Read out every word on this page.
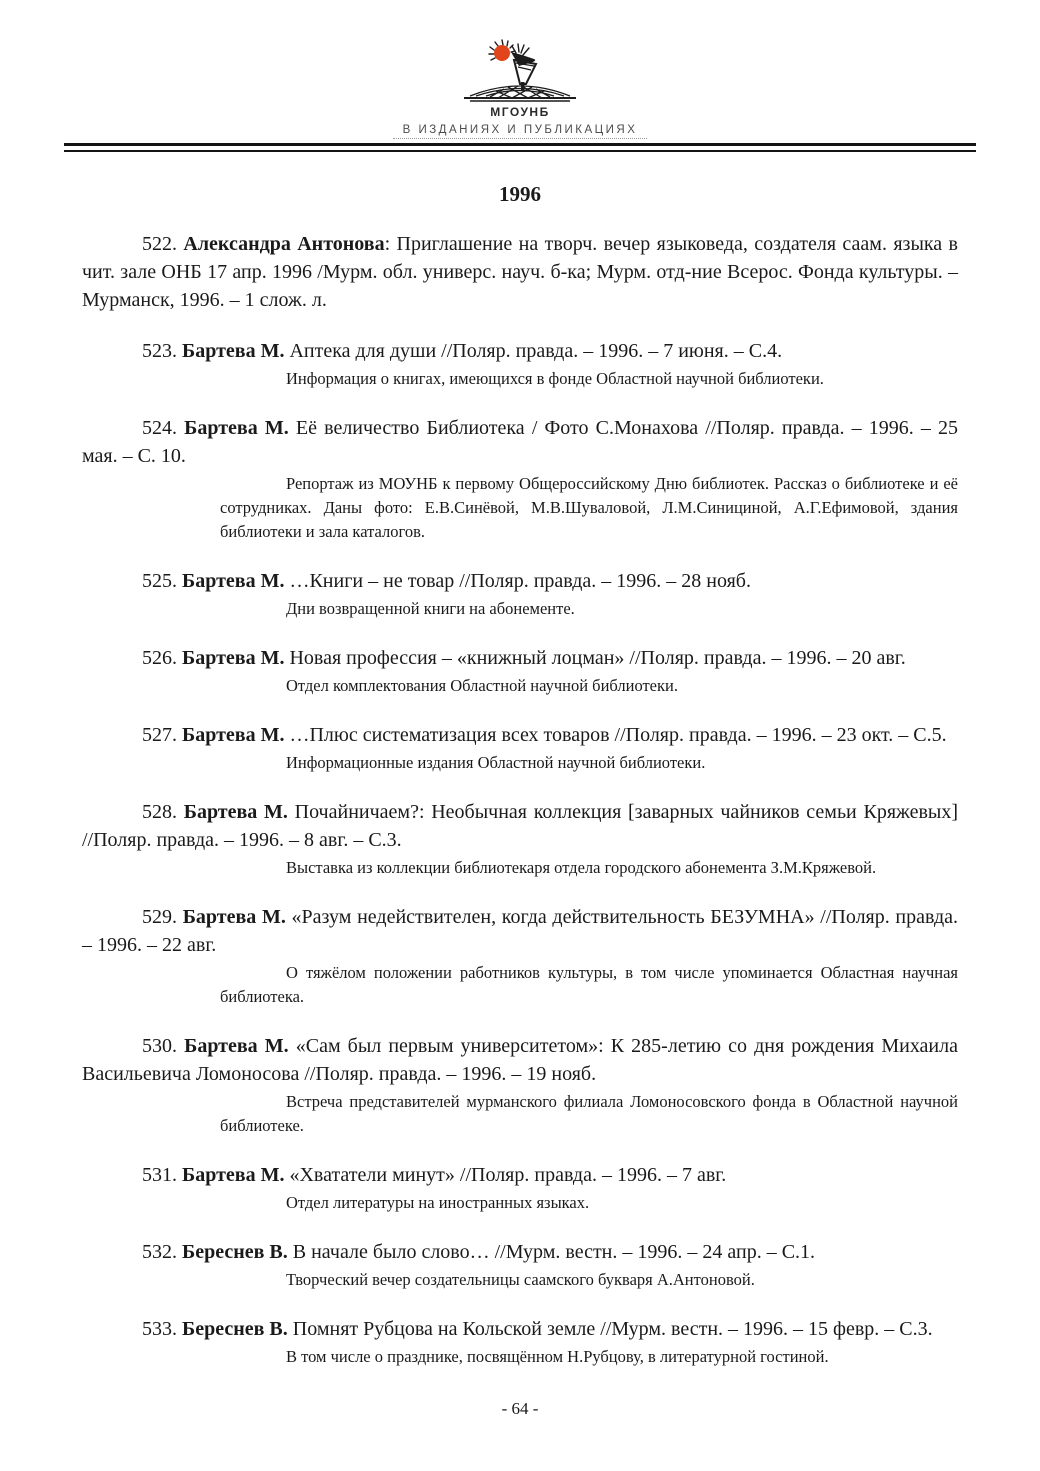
МГОУНБ
В ИЗДАНИЯХ И ПУБЛИКАЦИЯХ
1996

522. Александра Антонова: Приглашение на творч. вечер языковеда, создателя саам. языка в чит. зале ОНБ 17 апр. 1996 /Мурм. обл. универс. науч. б-ка; Мурм. отд-ние Всерос. Фонда культуры. – Мурманск, 1996. – 1 слож. л.

523. Бартева М. Аптека для души //Поляр. правда. – 1996. – 7 июня. – С.4.

Информация о книгах, имеющихся в фонде Областной научной библиотеки.

524. Бартева М. Её величество Библиотека / Фото С.Монахова //Поляр. правда. – 1996. – 25 мая. – С. 10.

Репортаж из МОУНБ к первому Общероссийскому Дню библиотек. Рассказ о библиотеке и её сотрудниках. Даны фото: Е.В.Синёвой, М.В.Шуваловой, Л.М.Синициной, А.Г.Ефимовой, здания библиотеки и зала каталогов.

525. Бартева М. …Книги – не товар //Поляр. правда. – 1996. – 28 нояб.

Дни возвращенной книги на абонементе.

526. Бартева М. Новая профессия – «книжный лоцман» //Поляр. правда. – 1996. – 20 авг.

Отдел комплектования Областной научной библиотеки.

527. Бартева М. …Плюс систематизация всех товаров //Поляр. правда. – 1996. – 23 окт. – С.5.

Информационные издания Областной научной библиотеки.

528. Бартева М. Почайничаем?: Необычная коллекция [заварных чайников семьи Кряжевых] //Поляр. правда. – 1996. – 8 авг. – С.3.

Выставка из коллекции библиотекаря отдела городского абонемента З.М.Кряжевой.

529. Бартева М. «Разум недействителен, когда действительность БЕЗУМНА» //Поляр. правда. – 1996. – 22 авг.

О тяжёлом положении работников культуры, в том числе упоминается Областная научная библиотека.

530. Бартева М. «Сам был первым университетом»: К 285-летию со дня рождения Михаила Васильевича Ломоносова //Поляр. правда. – 1996. – 19 нояб.

Встреча представителей мурманского филиала Ломоносовского фонда в Областной научной библиотеке.

531. Бартева М. «Хвататели минут» //Поляр. правда. – 1996. – 7 авг.

Отдел литературы на иностранных языках.

532. Береснев В. В начале было слово… //Мурм. вестн. – 1996. – 24 апр. – С.1.

Творческий вечер создательницы саамского букваря А.Антоновой.

533. Береснев В. Помнят Рубцова на Кольской земле //Мурм. вестн. – 1996. – 15 февр. – С.3.

В том числе о празднике, посвящённом Н.Рубцову, в литературной гостиной.

- 64 -
